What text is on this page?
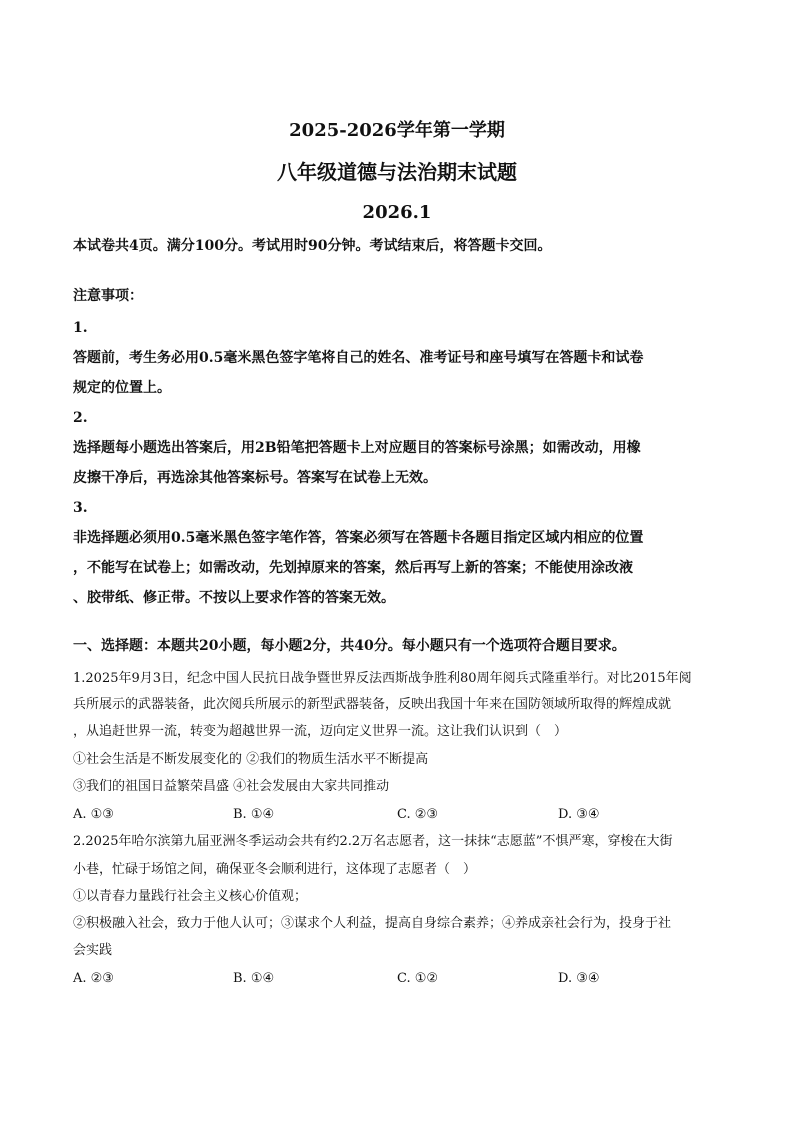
2025-2026学年第一学期
八年级道德与法治期末试题
2026.1
本试卷共4页。满分100分。考试用时90分钟。考试结束后，将答题卡交回。
注意事项：
1.
答题前，考生务必用0.5毫米黑色签字笔将自己的姓名、准考证号和座号填写在答题卡和试卷
规定的位置上。
2.
选择题每小题选出答案后，用2B铅笔把答题卡上对应题目的答案标号涂黑；如需改动，用橡
皮擦干净后，再选涂其他答案标号。答案写在试卷上无效。
3.
非选择题必须用0.5毫米黑色签字笔作答，答案必须写在答题卡各题目指定区域内相应的位置
，不能写在试卷上；如需改动，先划掉原来的答案，然后再写上新的答案；不能使用涂改液
、胶带纸、修正带。不按以上要求作答的答案无效。
一、选择题：本题共20小题，每小题2分，共40分。每小题只有一个选项符合题目要求。
1.2025年9月3日，纪念中国人民抗日战争暨世界反法西斯战争胜利80周年阅兵式隆重举行。对比2015年阅
兵所展示的武器装备，此次阅兵所展示的新型武器装备，反映出我国十年来在国防领域所取得的辉煌成就
，从追赶世界一流，转变为超越世界一流，迈向定义世界一流。这让我们认识到（　）
①社会生活是不断发展变化的 ②我们的物质生活水平不断提高
③我们的祖国日益繁荣昌盛 ④社会发展由大家共同推动
A. ①③	B. ①④	C. ②③	D. ③④
2.2025年哈尔滨第九届亚洲冬季运动会共有约2.2万名志愿者，这一抹抹“志愿蓝”不惧严寒，穿梭在大街
小巷，忙碌于场馆之间，确保亚冬会顺利进行，这体现了志愿者（　）
①以青春力量践行社会主义核心价值观；
②积极融入社会，致力于他人认可；③谋求个人利益，提高自身综合素养；④养成亲社会行为，投身于社
会实践
A. ②③	B. ①④	C. ①②	D. ③④
